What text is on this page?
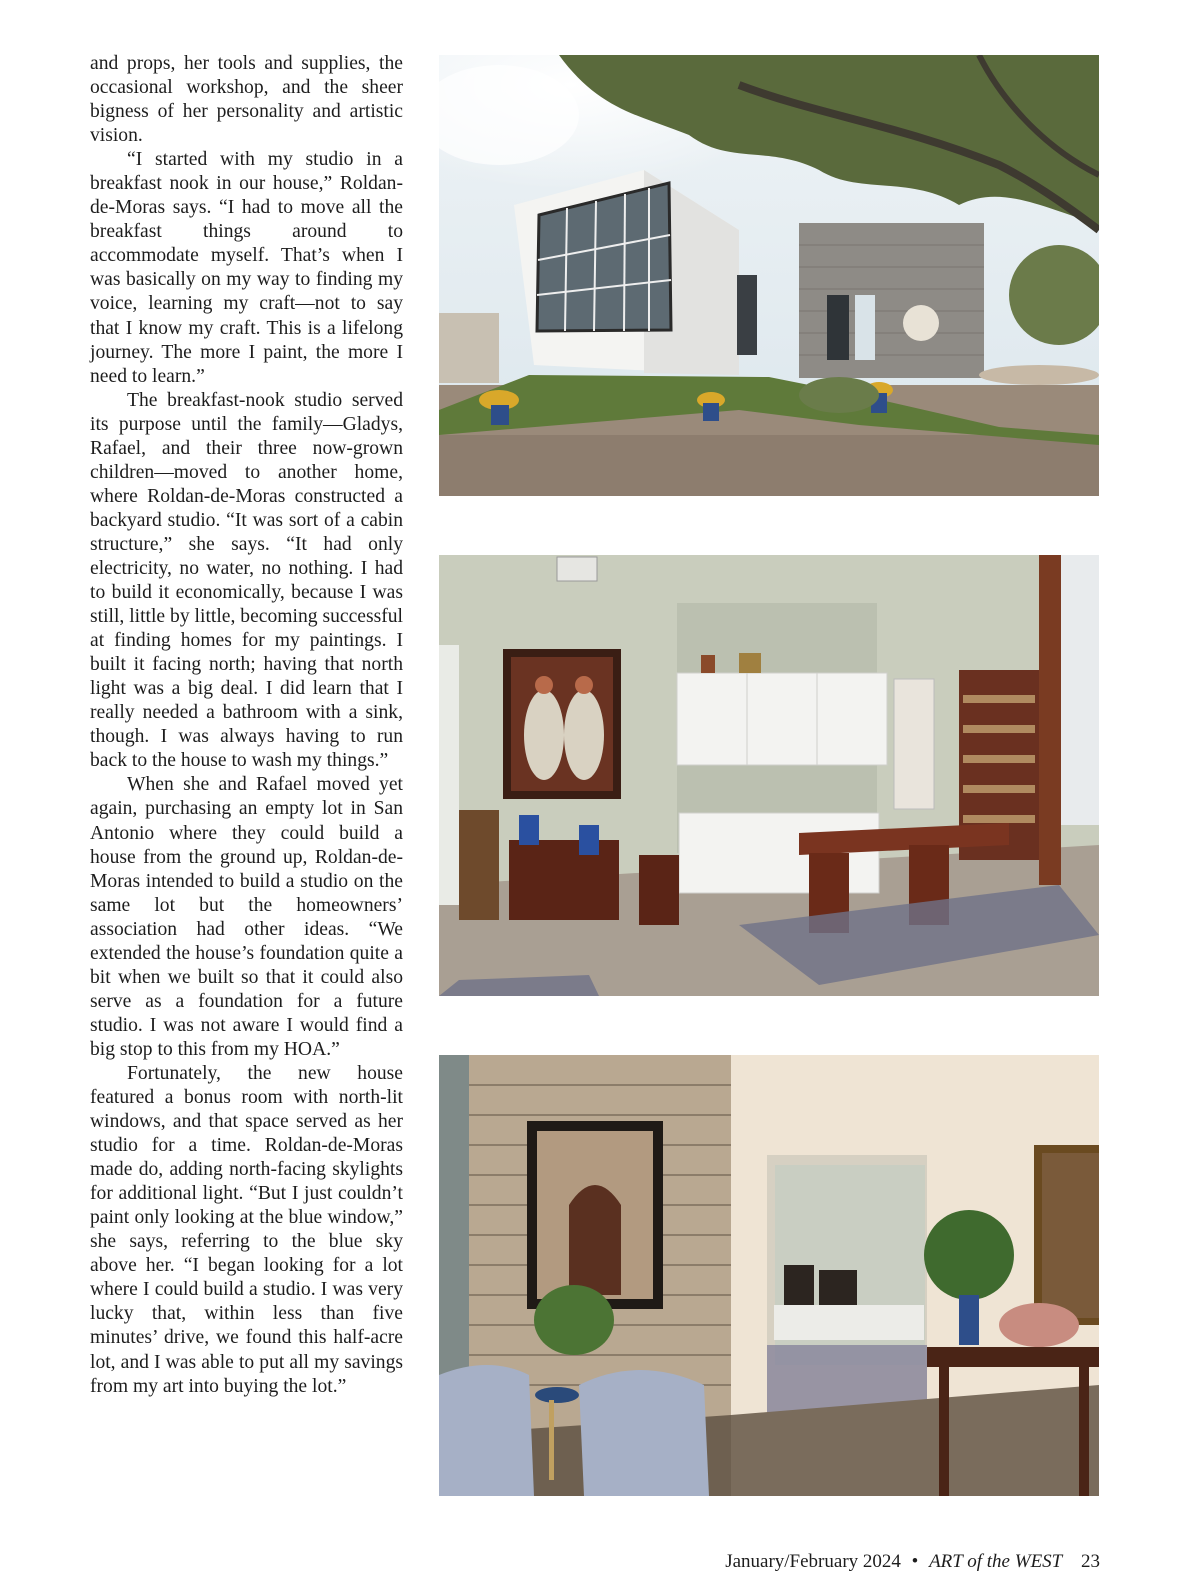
and props, her tools and supplies, the occasional workshop, and the sheer bigness of her personality and artistic vision.

“I started with my studio in a breakfast nook in our house,” Roldan-de-Moras says. “I had to move all the breakfast things around to accommodate myself. That’s when I was basically on my way to finding my voice, learning my craft—not to say that I know my craft. This is a lifelong journey. The more I paint, the more I need to learn.”

The breakfast-nook studio served its purpose until the family—Gladys, Rafael, and their three now-grown children—moved to another home, where Roldan-de-Moras constructed a backyard studio. “It was sort of a cabin structure,” she says. “It had only electricity, no water, no nothing. I had to build it economically, because I was still, little by little, becoming successful at finding homes for my paintings. I built it facing north; having that north light was a big deal. I did learn that I really needed a bathroom with a sink, though. I was always having to run back to the house to wash my things.”

When she and Rafael moved yet again, purchasing an empty lot in San Antonio where they could build a house from the ground up, Roldan-de-Moras intended to build a studio on the same lot but the homeowners’ association had other ideas. “We extended the house’s foundation quite a bit when we built so that it could also serve as a foundation for a future studio. I was not aware I would find a big stop to this from my HOA.”

Fortunately, the new house featured a bonus room with north-lit windows, and that space served as her studio for a time. Roldan-de-Moras made do, adding north-facing skylights for additional light. “But I just couldn’t paint only looking at the blue window,” she says, referring to the blue sky above her. “I began looking for a lot where I could build a studio. I was very lucky that, within less than five minutes’ drive, we found this half-acre lot, and I was able to put all my savings from my art into buying the lot.”

January/February 2024 • ART of the WEST 23
